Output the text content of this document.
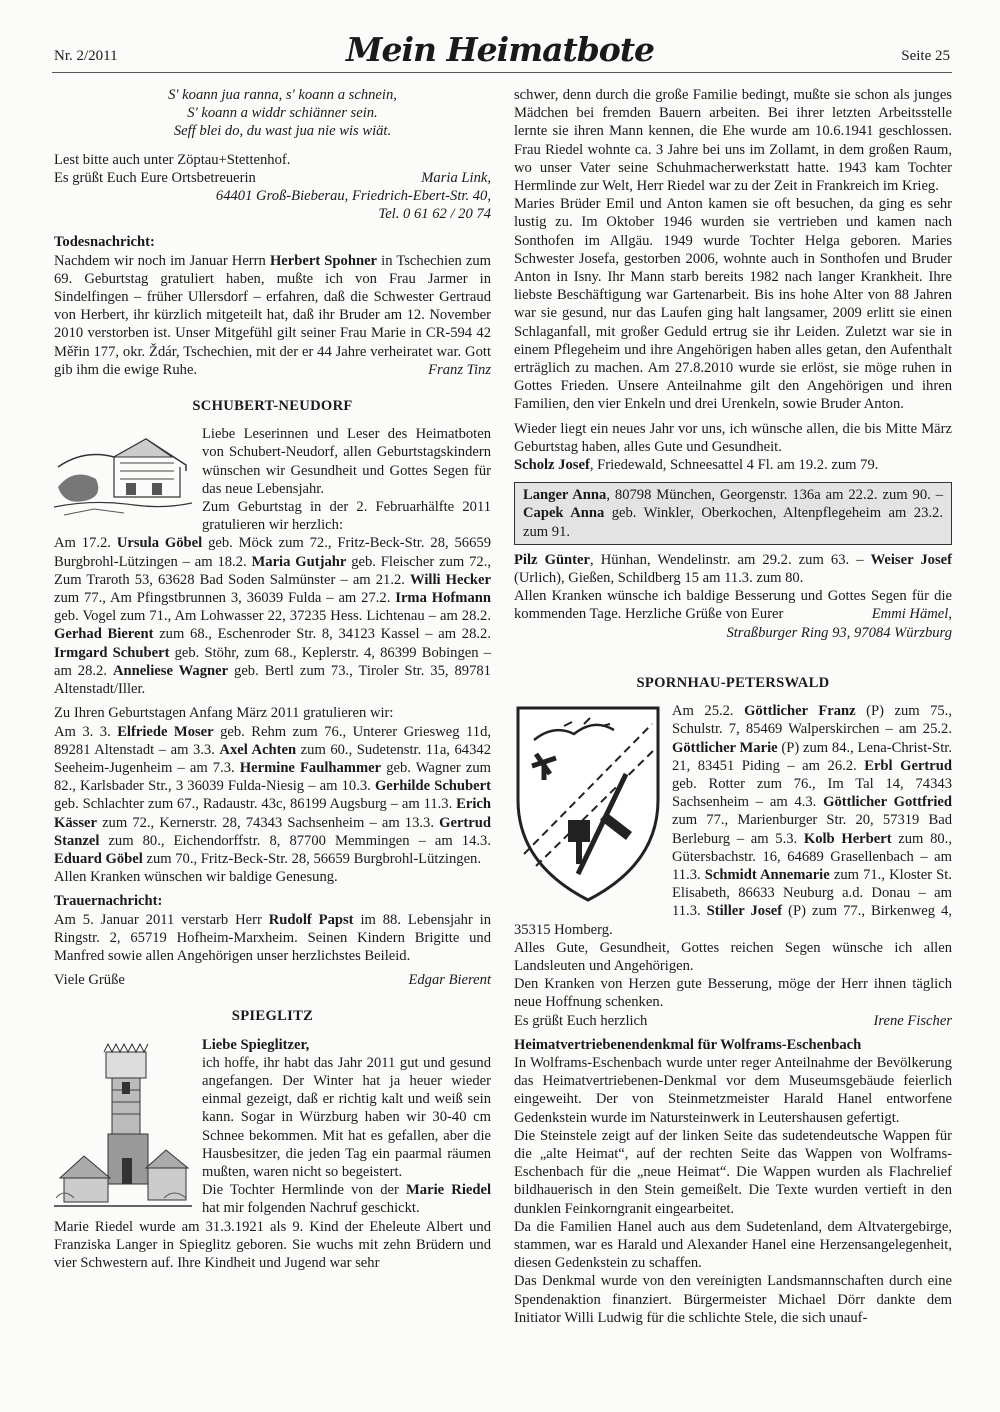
Nr. 2/2011	Mein Heimatbote	Seite 25

S' koann jua ranna, s' koann a schnein,

S' koann a widdr schiänner sein.

Seff blei do, du wast jua nie wis wiät.

Lest bitte auch unter Zöptau+Stettenhof.

Es grüßt Euch Eure Ortsbetreuerin	Maria Link,

64401 Groß-Bieberau, Friedrich-Ebert-Str. 40,

Tel. 0 61 62 / 20 74

Todesnachricht:

Nachdem wir noch im Januar Herrn Herbert Spohner in Tschechien zum 69. Geburtstag gratuliert haben, mußte ich von Frau Jarmer in Sindelfingen – früher Ullersdorf – erfahren, daß die Schwester Gertraud von Herbert, ihr kürzlich mitgeteilt hat, daß ihr Bruder am 12. November 2010 verstorben ist. Unser Mitgefühl gilt seiner Frau Marie in CR-594 42 Měřin 177, okr. Ždár, Tschechien, mit der er 44 Jahre verheiratet war. Gott gib ihm die ewige Ruhe.	Franz Tinz

SCHUBERT-NEUDORF

Liebe Leserinnen und Leser des Heimatboten von Schubert-Neudorf, allen Geburtstagskindern wünschen wir Gesundheit und Gottes Segen für das neue Lebensjahr.

Zum Geburtstag in der 2. Februarhälfte 2011 gratulieren wir herzlich:

Am 17.2. Ursula Göbel geb. Möck zum 72., Fritz-Beck-Str. 28, 56659 Burgbrohl-Lützingen – am 18.2. Maria Gutjahr geb. Fleischer zum 72., Zum Traroth 53, 63628 Bad Soden Salmünster – am 21.2. Willi Hecker zum 77., Am Pfingstbrunnen 3, 36039 Fulda – am 27.2. Irma Hofmann geb. Vogel zum 71., Am Lohwasser 22, 37235 Hess. Lichtenau – am 28.2. Gerhad Bierent zum 68., Eschenroder Str. 8, 34123 Kassel – am 28.2. Irmgard Schubert geb. Stöhr, zum 68., Keplerstr. 4, 86399 Bobingen – am 28.2. Anneliese Wagner geb. Bertl zum 73., Tiroler Str. 35, 89781 Altenstadt/Iller.

Zu Ihren Geburtstagen Anfang März 2011 gratulieren wir:

Am 3. 3. Elfriede Moser geb. Rehm zum 76., Unterer Griesweg 11d, 89281 Altenstadt – am 3.3. Axel Achten zum 60., Sudetenstr. 11a, 64342 Seeheim-Jugenheim – am 7.3. Hermine Faulhammer geb. Wagner zum 82., Karlsbader Str., 3 36039 Fulda-Niesig – am 10.3. Gerhilde Schubert geb. Schlachter zum 67., Radaustr. 43c, 86199 Augsburg – am 11.3. Erich Kässer zum 72., Kernerstr. 28, 74343 Sachsenheim – am 13.3. Gertrud Stanzel zum 80., Eichendorffstr. 8, 87700 Memmingen – am 14.3. Eduard Göbel zum 70., Fritz-Beck-Str. 28, 56659 Burgbrohl-Lützingen.

Allen Kranken wünschen wir baldige Genesung.

Trauernachricht:

Am 5. Januar 2011 verstarb Herr Rudolf Papst im 88. Lebensjahr in Ringstr. 2, 65719 Hofheim-Marxheim. Seinen Kindern Brigitte und Manfred sowie allen Angehörigen unser herzlichstes Beileid.

Viele Grüße	Edgar Bierent
SPIEGLITZ

Liebe Spieglitzer,

ich hoffe, ihr habt das Jahr 2011 gut und gesund angefangen. Der Winter hat ja heuer wieder einmal gezeigt, daß er richtig kalt und weiß sein kann. Sogar in Würzburg haben wir 30-40 cm Schnee bekommen. Mit hat es gefallen, aber die Hausbesitzer, die jeden Tag ein paarmal räumen mußten, waren nicht so begeistert.

Die Tochter Hermlinde von der Marie Riedel hat mir folgenden Nachruf geschickt.

Marie Riedel wurde am 31.3.1921 als 9. Kind der Eheleute Albert und Franziska Langer in Spieglitz geboren. Sie wuchs mit zehn Brüdern und vier Schwestern auf. Ihre Kindheit und Jugend war sehr

schwer, denn durch die große Familie bedingt, mußte sie schon als junges Mädchen bei fremden Bauern arbeiten. Bei ihrer letzten Arbeitsstelle lernte sie ihren Mann kennen, die Ehe wurde am 10.6.1941 geschlossen. Frau Riedel wohnte ca. 3 Jahre bei uns im Zollamt, in dem großen Raum, wo unser Vater seine Schuhmacherwerkstatt hatte. 1943 kam Tochter Hermlinde zur Welt, Herr Riedel war zu der Zeit in Frankreich im Krieg.

Maries Brüder Emil und Anton kamen sie oft besuchen, da ging es sehr lustig zu. Im Oktober 1946 wurden sie vertrieben und kamen nach Sonthofen im Allgäu. 1949 wurde Tochter Helga geboren. Maries Schwester Josefa, gestorben 2006, wohnte auch in Sonthofen und Bruder Anton in Isny. Ihr Mann starb bereits 1982 nach langer Krankheit. Ihre liebste Beschäftigung war Gartenarbeit. Bis ins hohe Alter von 88 Jahren war sie gesund, nur das Laufen ging halt langsamer, 2009 erlitt sie einen Schlaganfall, mit großer Geduld ertrug sie ihr Leiden. Zuletzt war sie in einem Pflegeheim und ihre Angehörigen haben alles getan, den Aufenthalt erträglich zu machen. Am 27.8.2010 wurde sie erlöst, sie möge ruhen in Gottes Frieden. Unsere Anteilnahme gilt den Angehörigen und ihren Familien, den vier Enkeln und drei Urenkeln, sowie Bruder Anton.

Wieder liegt ein neues Jahr vor uns, ich wünsche allen, die bis Mitte März Geburtstag haben, alles Gute und Gesundheit.

Scholz Josef, Friedewald, Schneesattel 4 Fl. am 19.2. zum 79.

Langer Anna, 80798 München, Georgenstr. 136a am 22.2. zum 90. – Capek Anna geb. Winkler, Oberkochen, Altenpflegeheim am 23.2. zum 91.

Pilz Günter, Hünhan, Wendelinstr. am 29.2. zum 63. – Weiser Josef (Urlich), Gießen, Schildberg 15 am 11.3. zum 80.

Allen Kranken wünsche ich baldige Besserung und Gottes Segen für die kommenden Tage. Herzliche Grüße von Eurer	Emmi Hämel,

Straßburger Ring 93, 97084 Würzburg

SPORNHAU-PETERSWALD

Am 25.2. Göttlicher Franz (P) zum 75., Schulstr. 7, 85469 Walperskirchen – am 25.2. Göttlicher Marie (P) zum 84., Lena-Christ-Str. 21, 83451 Piding – am 26.2. Erbl Gertrud geb. Rotter zum 76., Im Tal 14, 74343 Sachsenheim – am 4.3. Göttlicher Gottfried zum 77., Marienburger Str. 20, 57319 Bad Berleburg – am 5.3. Kolb Herbert zum 80., Gütersbachstr. 16, 64689 Grasellenbach – am 11.3. Schmidt Annemarie zum 71., Kloster St. Elisabeth, 86633 Neuburg a.d. Donau – am 11.3. Stiller Josef (P) zum 77., Birkenweg 4, 35315 Homberg.

Alles Gute, Gesundheit, Gottes reichen Segen wünsche ich allen Landsleuten und Angehörigen.

Den Kranken von Herzen gute Besserung, möge der Herr ihnen täglich neue Hoffnung schenken.

Es grüßt Euch herzlich	Irene Fischer

Heimatvertriebenendenkmal für Wolframs-Eschenbach

In Wolframs-Eschenbach wurde unter reger Anteilnahme der Bevölkerung das Heimatvertriebenen-Denkmal vor dem Museumsgebäude feierlich eingeweiht. Der von Steinmetzmeister Harald Hanel entworfene Gedenkstein wurde im Natursteinwerk in Leutershausen gefertigt.

Die Steinstele zeigt auf der linken Seite das sudetendeutsche Wappen für die „alte Heimat“, auf der rechten Seite das Wappen von Wolframs-Eschenbach für die „neue Heimat“. Die Wappen wurden als Flachrelief bildhauerisch in den Stein gemeißelt. Die Texte wurden vertieft in den dunklen Feinkorngranit eingearbeitet.

Da die Familien Hanel auch aus dem Sudetenland, dem Altvatergebirge, stammen, war es Harald und Alexander Hanel eine Herzensangelegenheit, diesen Gedenkstein zu schaffen.

Das Denkmal wurde von den vereinigten Landsmannschaften durch eine Spendenaktion finanziert. Bürgermeister Michael Dörr dankte dem Initiator Willi Ludwig für die schlichte Stele, die sich unauf-
